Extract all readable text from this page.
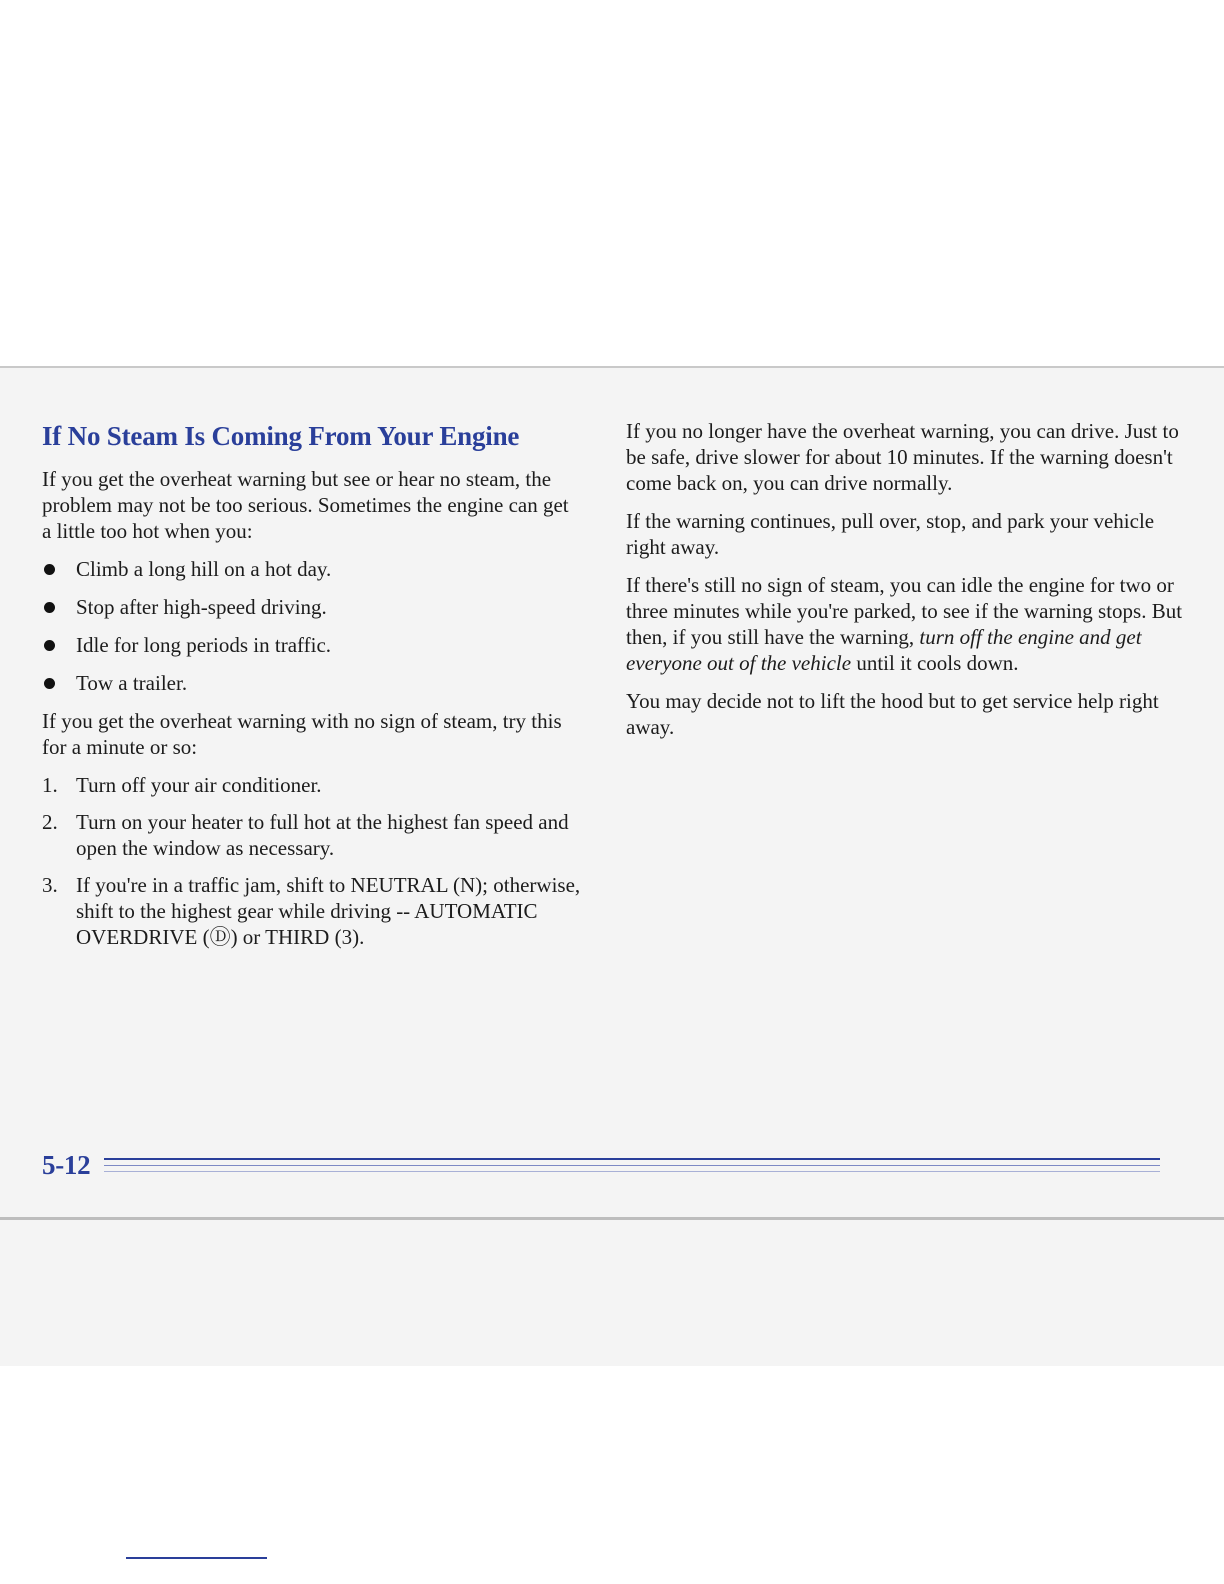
If No Steam Is Coming From Your Engine

If you get the overheat warning but see or hear no steam, the problem may not be too serious. Sometimes the engine can get a little too hot when you:

Climb a long hill on a hot day.
Stop after high-speed driving.
Idle for long periods in traffic.
Tow a trailer.

If you get the overheat warning with no sign of steam, try this for a minute or so:

1. Turn off your air conditioner.
2. Turn on your heater to full hot at the highest fan speed and open the window as necessary.
3. If you're in a traffic jam, shift to NEUTRAL (N); otherwise, shift to the highest gear while driving -- AUTOMATIC OVERDRIVE (Ⓓ) or THIRD (3).

If you no longer have the overheat warning, you can drive. Just to be safe, drive slower for about 10 minutes. If the warning doesn't come back on, you can drive normally.

If the warning continues, pull over, stop, and park your vehicle right away.

If there's still no sign of steam, you can idle the engine for two or three minutes while you're parked, to see if the warning stops. But then, if you still have the warning, turn off the engine and get everyone out of the vehicle until it cools down.

You may decide not to lift the hood but to get service help right away.

5-12
